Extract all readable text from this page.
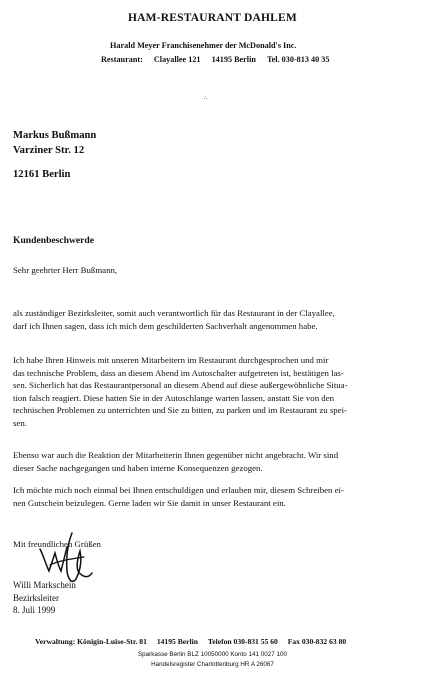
HAM-RESTAURANT DAHLEM
Harald Meyer Franchisenehmer der McDonald's Inc.
Restaurant: Clayallee 121 14195 Berlin Tel. 030-813 40 35
·˙·
Markus Bußmann
Varziner Str. 12
12161 Berlin
Kundenbeschwerde
Sehr geehrter Herr Bußmann,
als zuständiger Bezirksleiter, somit auch verantwortlich für das Restaurant in der Clayallee,
darf ich Ihnen sagen, dass ich mich dem geschilderten Sachverhalt angenommen habe.
Ich habe Ihren Hinweis mit unseren Mitarbeitern im Restaurant durchgesprochen und mir
das technische Problem, dass an diesem Abend im Autoschalter aufgetreten ist, bestätigen las-
sen. Sicherlich hat das Restaurantpersonal an diesem Abend auf diese außergewöhnliche Situa-
tion falsch reagiert. Diese hatten Sie in der Autoschlange warten lassen, anstatt Sie von den
technischen Problemen zu unterrichten und Sie zu bitten, zu parken und im Restaurant zu spei-
sen.
Ebenso war auch die Reaktion der Mitarbeiterin Ihnen gegenüber nicht angebracht. Wir sind
dieser Sache nachgegangen und haben interne Konsequenzen gezogen.
Ich möchte mich noch einmal bei Ihnen entschuldigen und erlauben mir, diesem Schreiben ei-
nen Gutschein beizulegen. Gerne laden wir Sie damit in unser Restaurant ein.
Mit freundlichen Grüßen
Willi Markschein
Bezirksleiter
8. Juli 1999
Verwaltung: Königin-Luise-Str. 81 14195 Berlin Telefon 030-831 55 60 Fax 030-832 63 80
Sparkasse Berlin BLZ 10050000 Konto 141 0027 100
Handelsregister Charlottenburg HR A 26067
